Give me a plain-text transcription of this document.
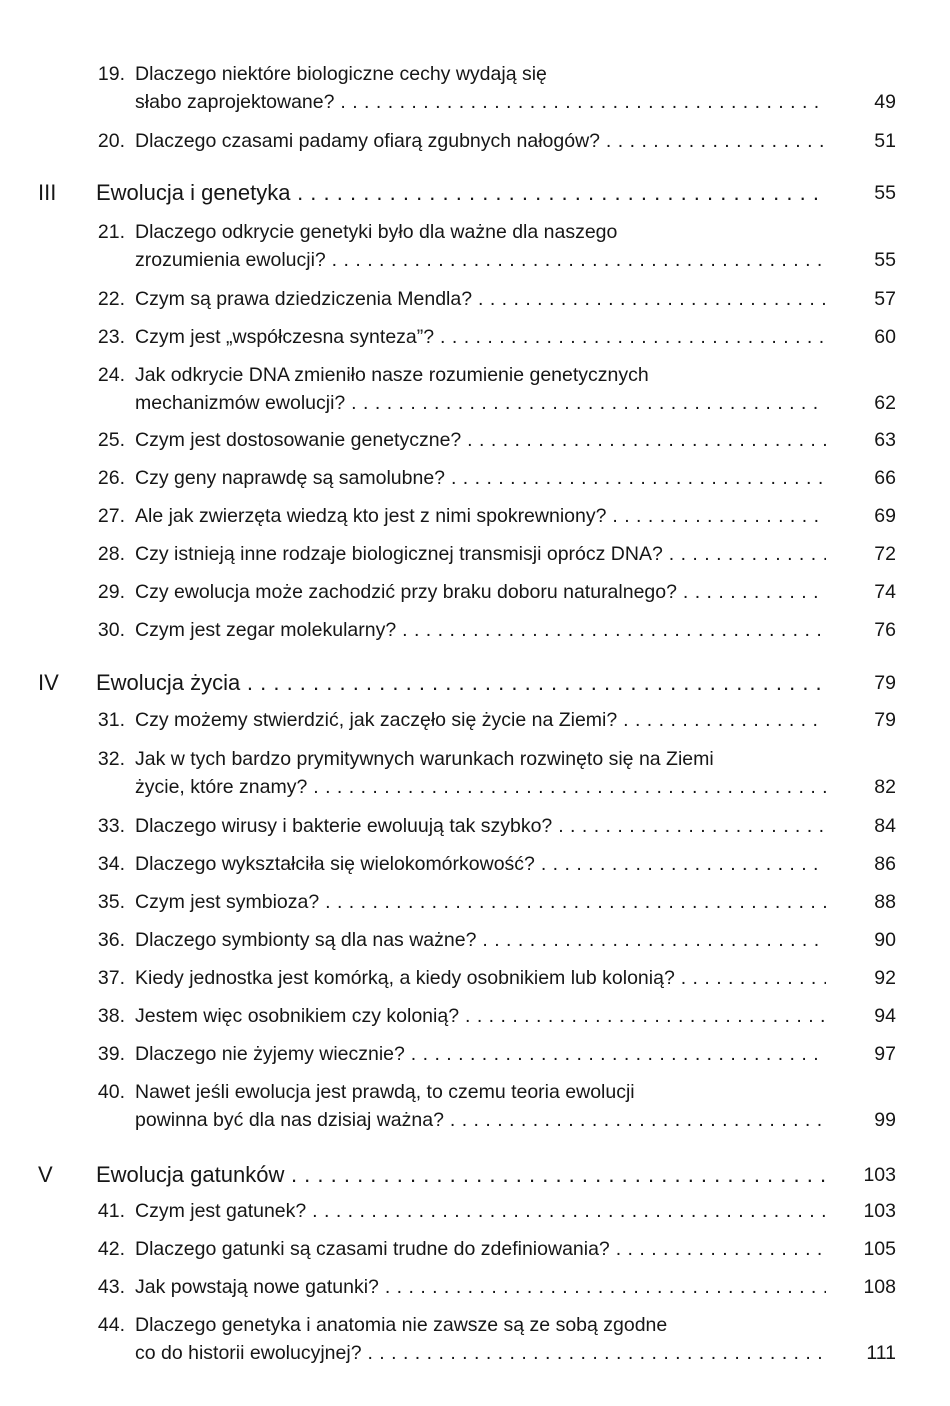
19. Dlaczego niektóre biologiczne cechy wydają się
słabo zaprojektowane? . . .	49
20. Dlaczego czasami padamy ofiarą zgubnych nałogów? . . .	51
III Ewolucja i genetyka . . .	55
21. Dlaczego odkrycie genetyki było dla ważne dla naszego
zrozumienia ewolucji? . . .	55
22. Czym są prawa dziedziczenia Mendla? . . .	57
23. Czym jest „współczesna synteza”? . . .	60
24. Jak odkrycie DNA zmieniło nasze rozumienie genetycznych
mechanizmów ewolucji? . . .	62
25. Czym jest dostosowanie genetyczne? . . .	63
26. Czy geny naprawdę są samolubne? . . .	66
27. Ale jak zwierzęta wiedzą kto jest z nimi spokrewniony? . . .	69
28. Czy istnieją inne rodzaje biologicznej transmisji oprócz DNA? . . .	72
29. Czy ewolucja może zachodzić przy braku doboru naturalnego? . . .	74
30. Czym jest zegar molekularny? . . .	76
IV Ewolucja życia . . .	79
31. Czy możemy stwierdzić, jak zaczęło się życie na Ziemi? . . .	79
32. Jak w tych bardzo prymitywnych warunkach rozwinęto się na Ziemi
życie, które znamy? . . .	82
33. Dlaczego wirusy i bakterie ewoluują tak szybko? . . .	84
34. Dlaczego wykształciła się wielokomórkowość? . . .	86
35. Czym jest symbioza? . . .	88
36. Dlaczego symbionty są dla nas ważne? . . .	90
37. Kiedy jednostka jest komórką, a kiedy osobnikiem lub kolonią? . . .	92
38. Jestem więc osobnikiem czy kolonią? . . .	94
39. Dlaczego nie żyjemy wiecznie? . . .	97
40. Nawet jeśli ewolucja jest prawdą, to czemu teoria ewolucji
powinna być dla nas dzisiaj ważna? . . .	99
V Ewolucja gatunków . . .	103
41. Czym jest gatunek? . . .	103
42. Dlaczego gatunki są czasami trudne do zdefiniowania? . . .	105
43. Jak powstają nowe gatunki? . . .	108
44. Dlaczego genetyka i anatomia nie zawsze są ze sobą zgodne
co do historii ewolucyjnej? . . .	111
